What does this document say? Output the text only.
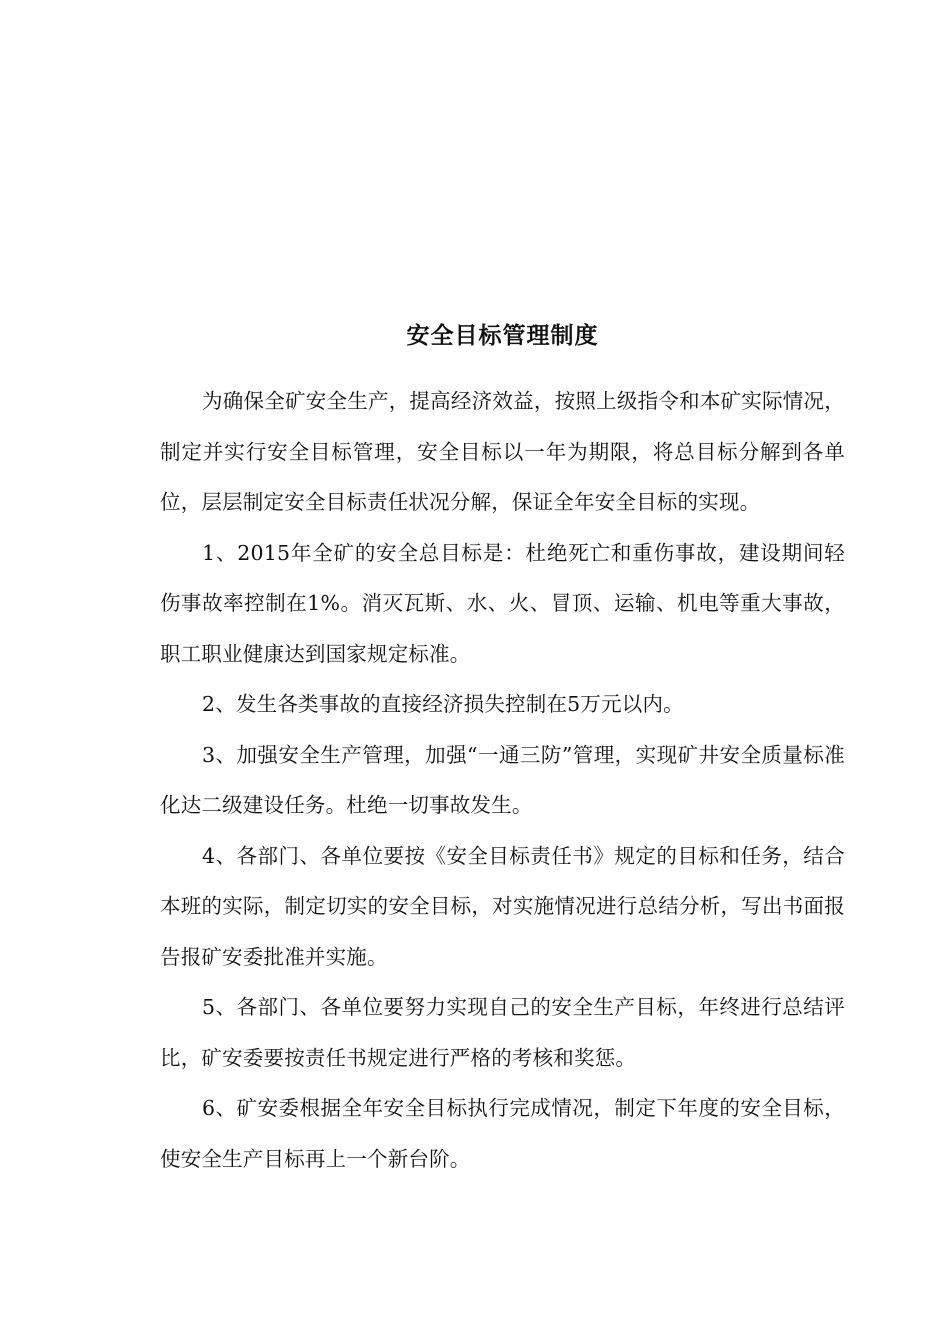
安全目标管理制度

为确保全矿安全生产，提高经济效益，按照上级指令和本矿实际情况，制定并实行安全目标管理，安全目标以一年为期限，将总目标分解到各单位，层层制定安全目标责任状况分解，保证全年安全目标的实现。

1、2015年全矿的安全总目标是：杜绝死亡和重伤事故，建设期间轻伤事故率控制在1%。消灭瓦斯、水、火、冒顶、运输、机电等重大事故，职工职业健康达到国家规定标准。

2、发生各类事故的直接经济损失控制在5万元以内。

3、加强安全生产管理，加强“一通三防”管理，实现矿井安全质量标准化达二级建设任务。杜绝一切事故发生。

4、各部门、各单位要按《安全目标责任书》规定的目标和任务，结合本班的实际，制定切实的安全目标，对实施情况进行总结分析，写出书面报告报矿安委批准并实施。

5、各部门、各单位要努力实现自己的安全生产目标，年终进行总结评比，矿安委要按责任书规定进行严格的考核和奖惩。

6、矿安委根据全年安全目标执行完成情况，制定下年度的安全目标，使安全生产目标再上一个新台阶。
